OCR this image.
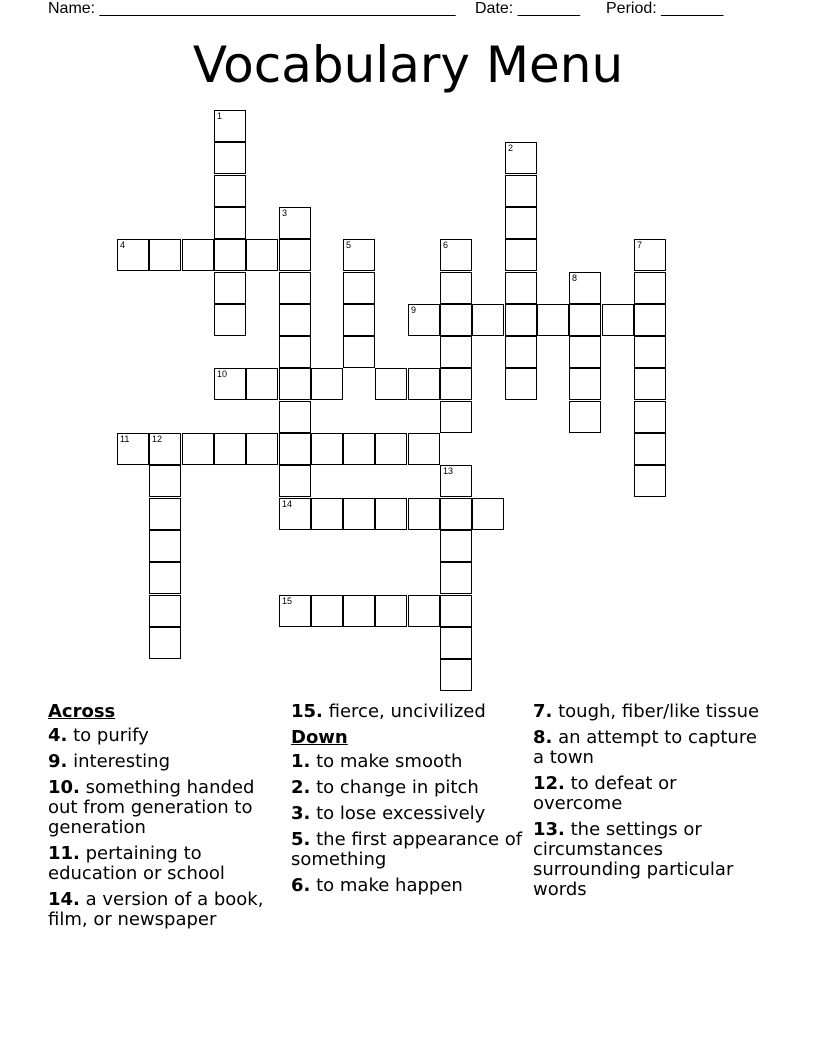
Name: ________________________________________ Date: _______ Period: _______
Vocabulary Menu
1
2
3
4	5	6	7
8
9
10
11	12
13
14
15
Across
4. to purify
9. interesting
10. something handed out from generation to generation
11. pertaining to education or school
14. a version of a book, film, or newspaper
15. fierce, uncivilized
Down
1. to make smooth
2. to change in pitch
3. to lose excessively
5. the first appearance of something
6. to make happen
7. tough, fiber/like tissue
8. an attempt to capture a town
12. to defeat or overcome
13. the settings or circumstances surrounding particular words
